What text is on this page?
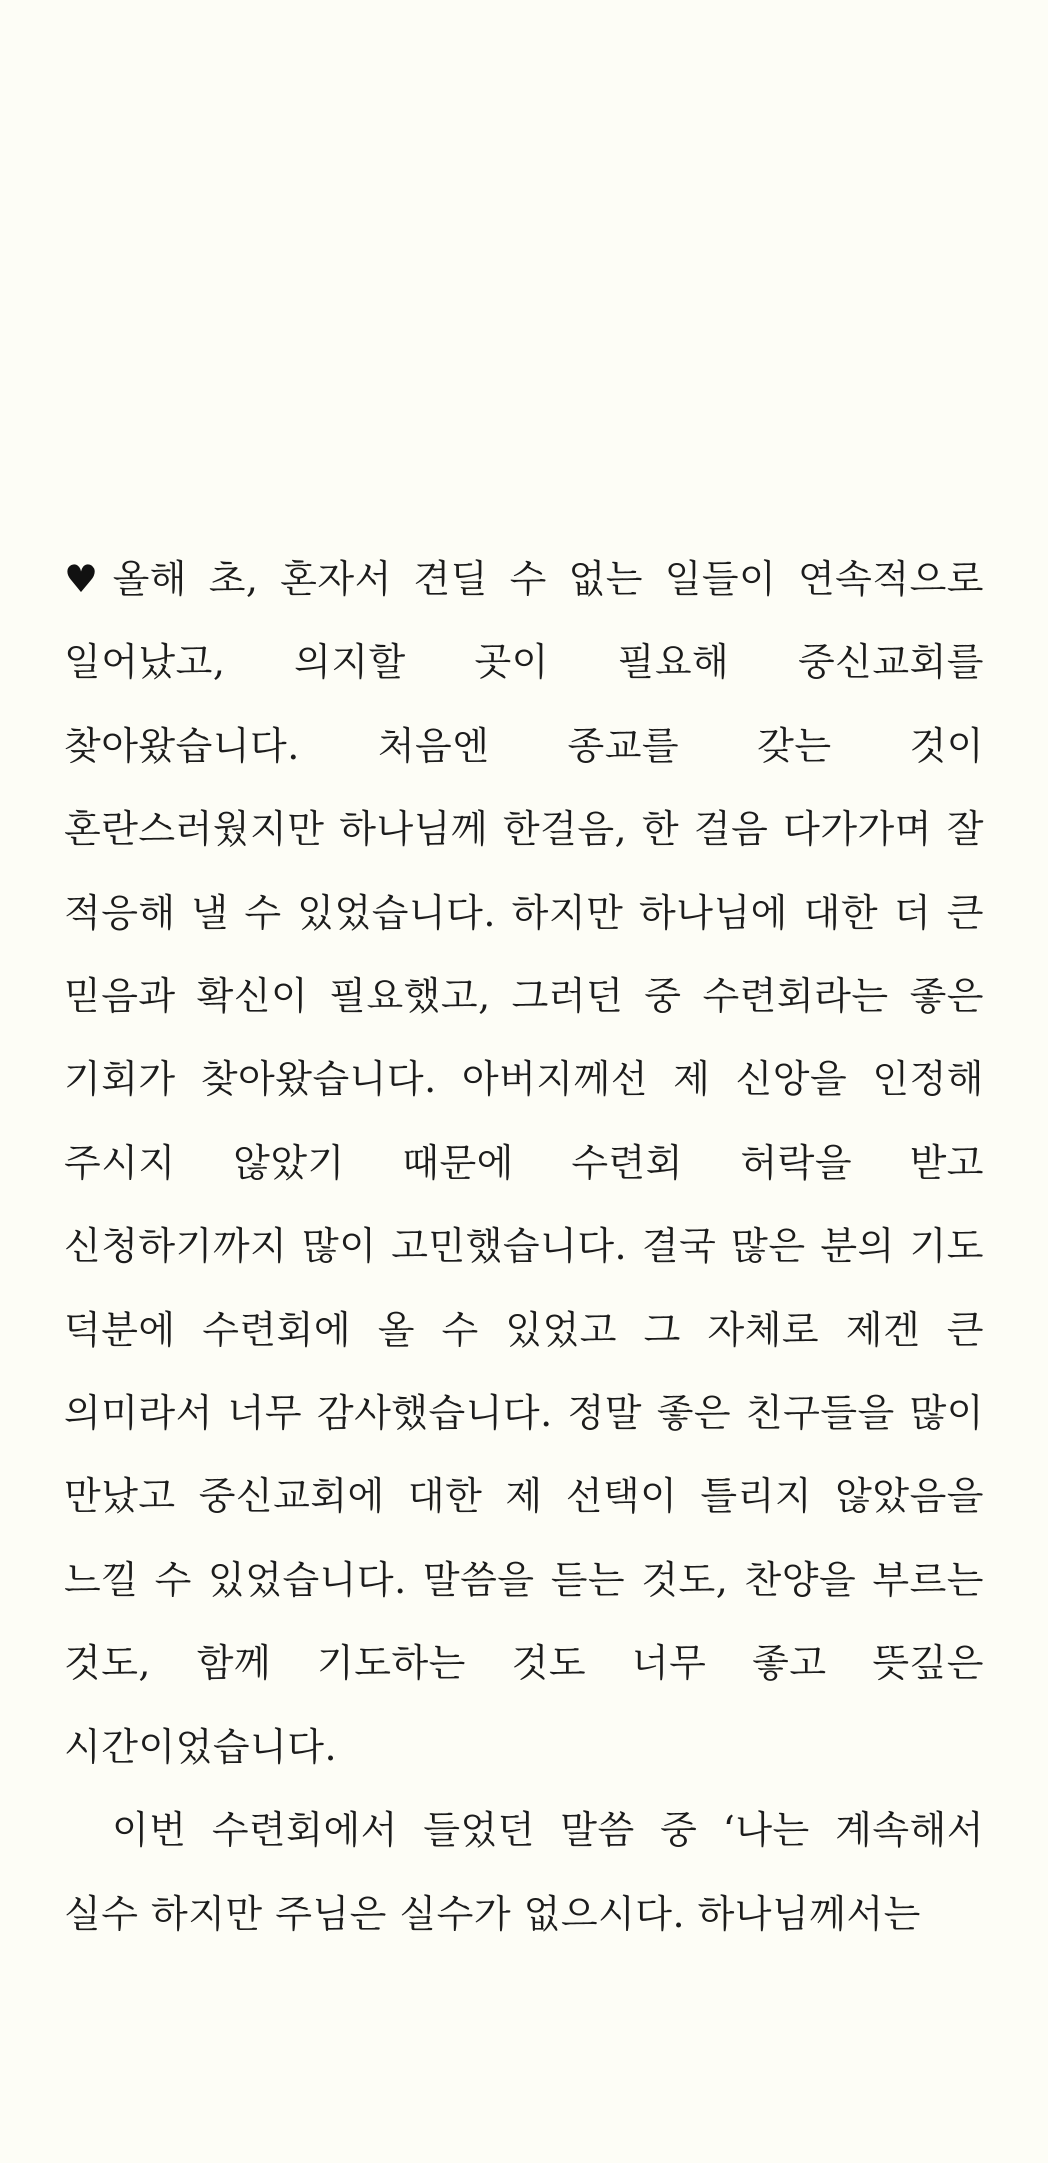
♥ 올해 초, 혼자서 견딜 수 없는 일들이 연속적으로 일어났고, 의지할 곳이 필요해 중신교회를 찾아왔습니다. 처음엔 종교를 갖는 것이 혼란스러웠지만 하나님께 한걸음, 한 걸음 다가가며 잘 적응해 낼 수 있었습니다. 하지만 하나님에 대한 더 큰 믿음과 확신이 필요했고, 그러던 중 수련회라는 좋은 기회가 찾아왔습니다. 아버지께선 제 신앙을 인정해 주시지 않았기 때문에 수련회 허락을 받고 신청하기까지 많이 고민했습니다. 결국 많은 분의 기도 덕분에 수련회에 올 수 있었고 그 자체로 제겐 큰 의미라서 너무 감사했습니다. 정말 좋은 친구들을 많이 만났고 중신교회에 대한 제 선택이 틀리지 않았음을 느낄 수 있었습니다. 말씀을 듣는 것도, 찬양을 부르는 것도, 함께 기도하는 것도 너무 좋고 뜻깊은 시간이었습니다.

이번 수련회에서 들었던 말씀 중 ‘나는 계속해서 실수 하지만 주님은 실수가 없으시다. 하나님께서는
